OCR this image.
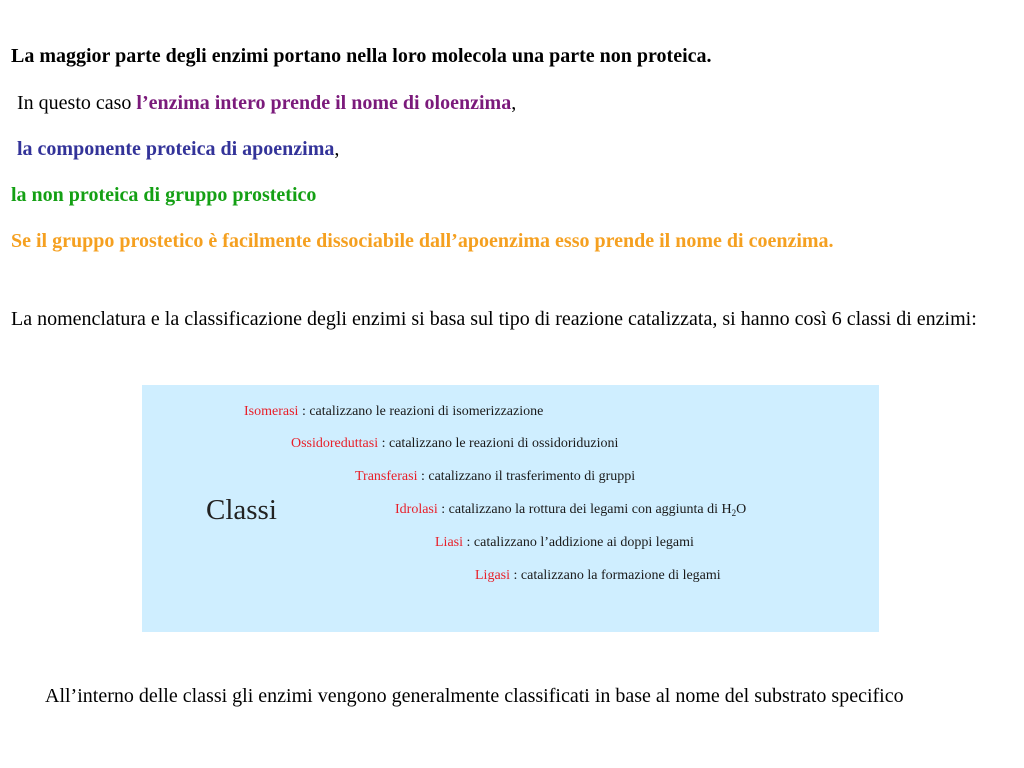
La maggior parte degli enzimi portano nella loro molecola una parte non proteica.
In questo caso l’enzima intero prende il nome di oloenzima,
la componente proteica di apoenzima,
la non proteica di gruppo prostetico
Se il gruppo prostetico è facilmente dissociabile dall’apoenzima esso prende il nome di coenzima.
La nomenclatura e la classificazione degli enzimi si basa sul tipo di reazione catalizzata, si hanno così 6 classi di enzimi:
Classi
Isomerasi : catalizzano le reazioni di isomerizzazione
Ossidoreduttasi : catalizzano le reazioni di ossidoriduzioni
Transferasi : catalizzano il trasferimento di gruppi
Idrolasi : catalizzano la rottura dei legami con aggiunta di $H_2O$
Liasi : catalizzano l’addizione ai doppi legami
Ligasi : catalizzano la formazione di legami
All’interno delle classi gli enzimi vengono generalmente classificati in base al nome del substrato specifico
